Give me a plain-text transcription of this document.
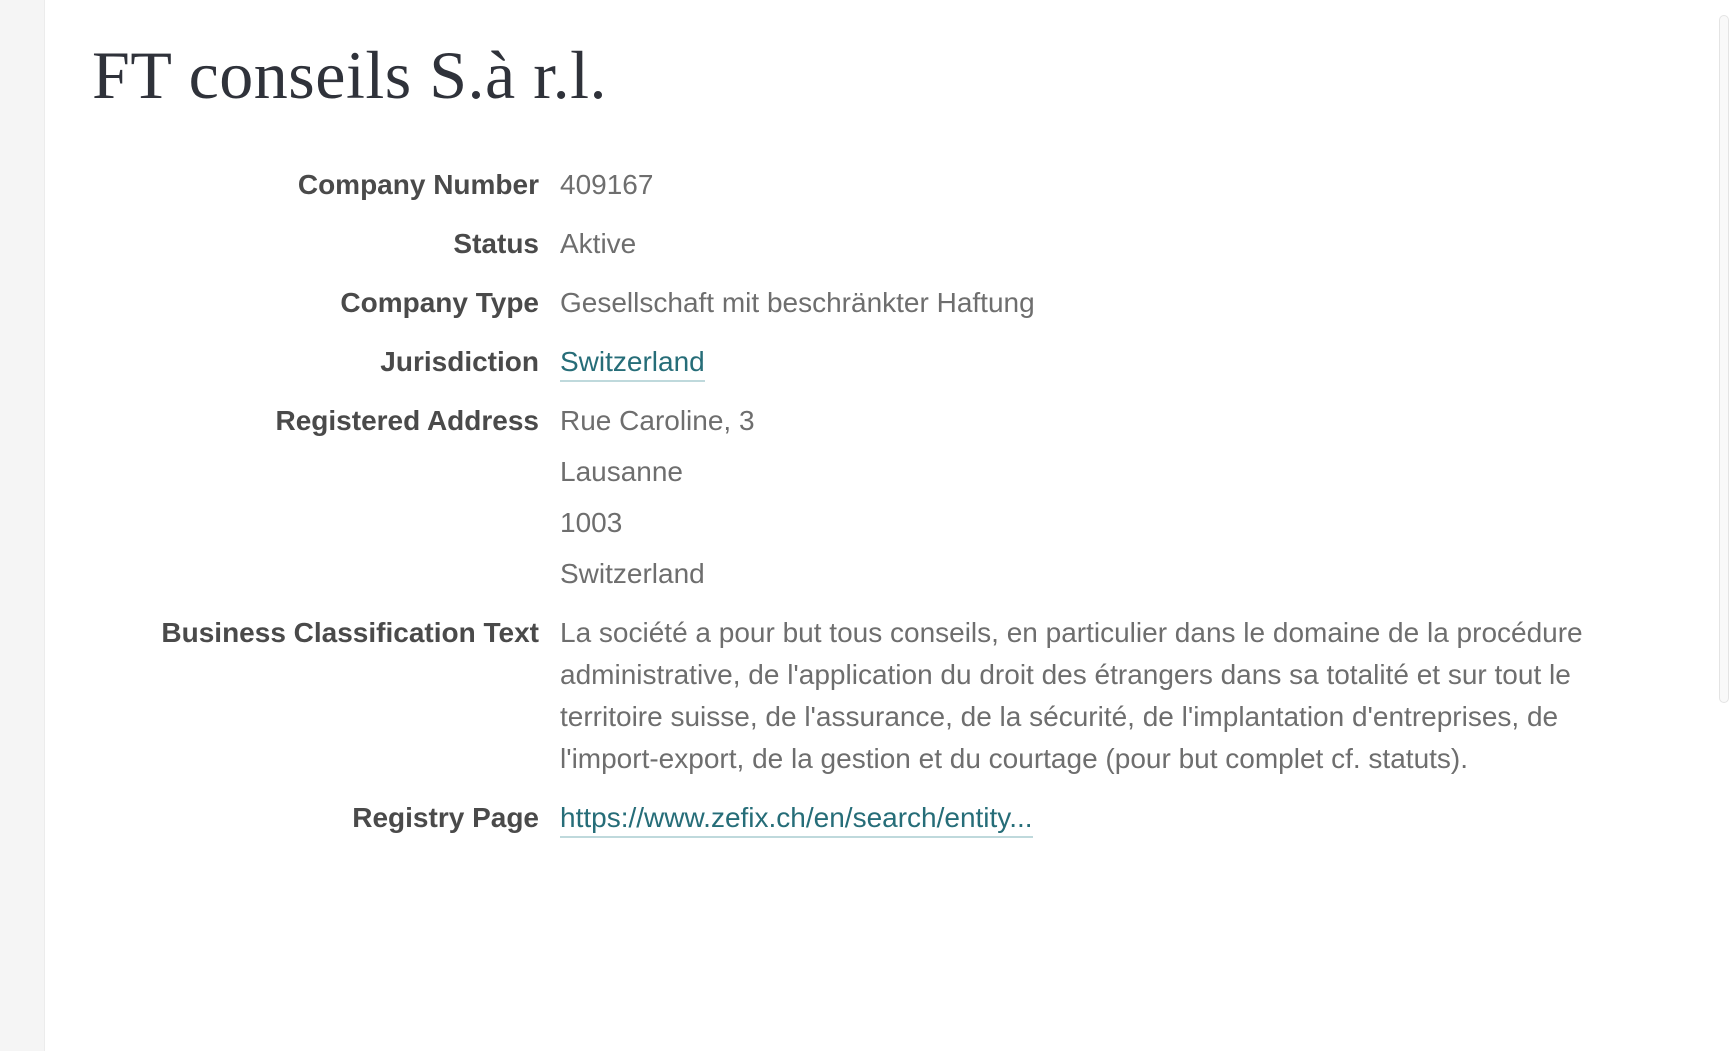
FT conseils S.à r.l.
Company Number 409167
Status Aktive
Company Type Gesellschaft mit beschränkter Haftung
Jurisdiction Switzerland
Registered Address Rue Caroline, 3
Lausanne
1003
Switzerland
Business Classification Text La société a pour but tous conseils, en particulier dans le domaine de la procédure administrative, de l'application du droit des étrangers dans sa totalité et sur tout le territoire suisse, de l'assurance, de la sécurité, de l'implantation d'entreprises, de l'import-export, de la gestion et du courtage (pour but complet cf. statuts).
Registry Page https://www.zefix.ch/en/search/entity...
